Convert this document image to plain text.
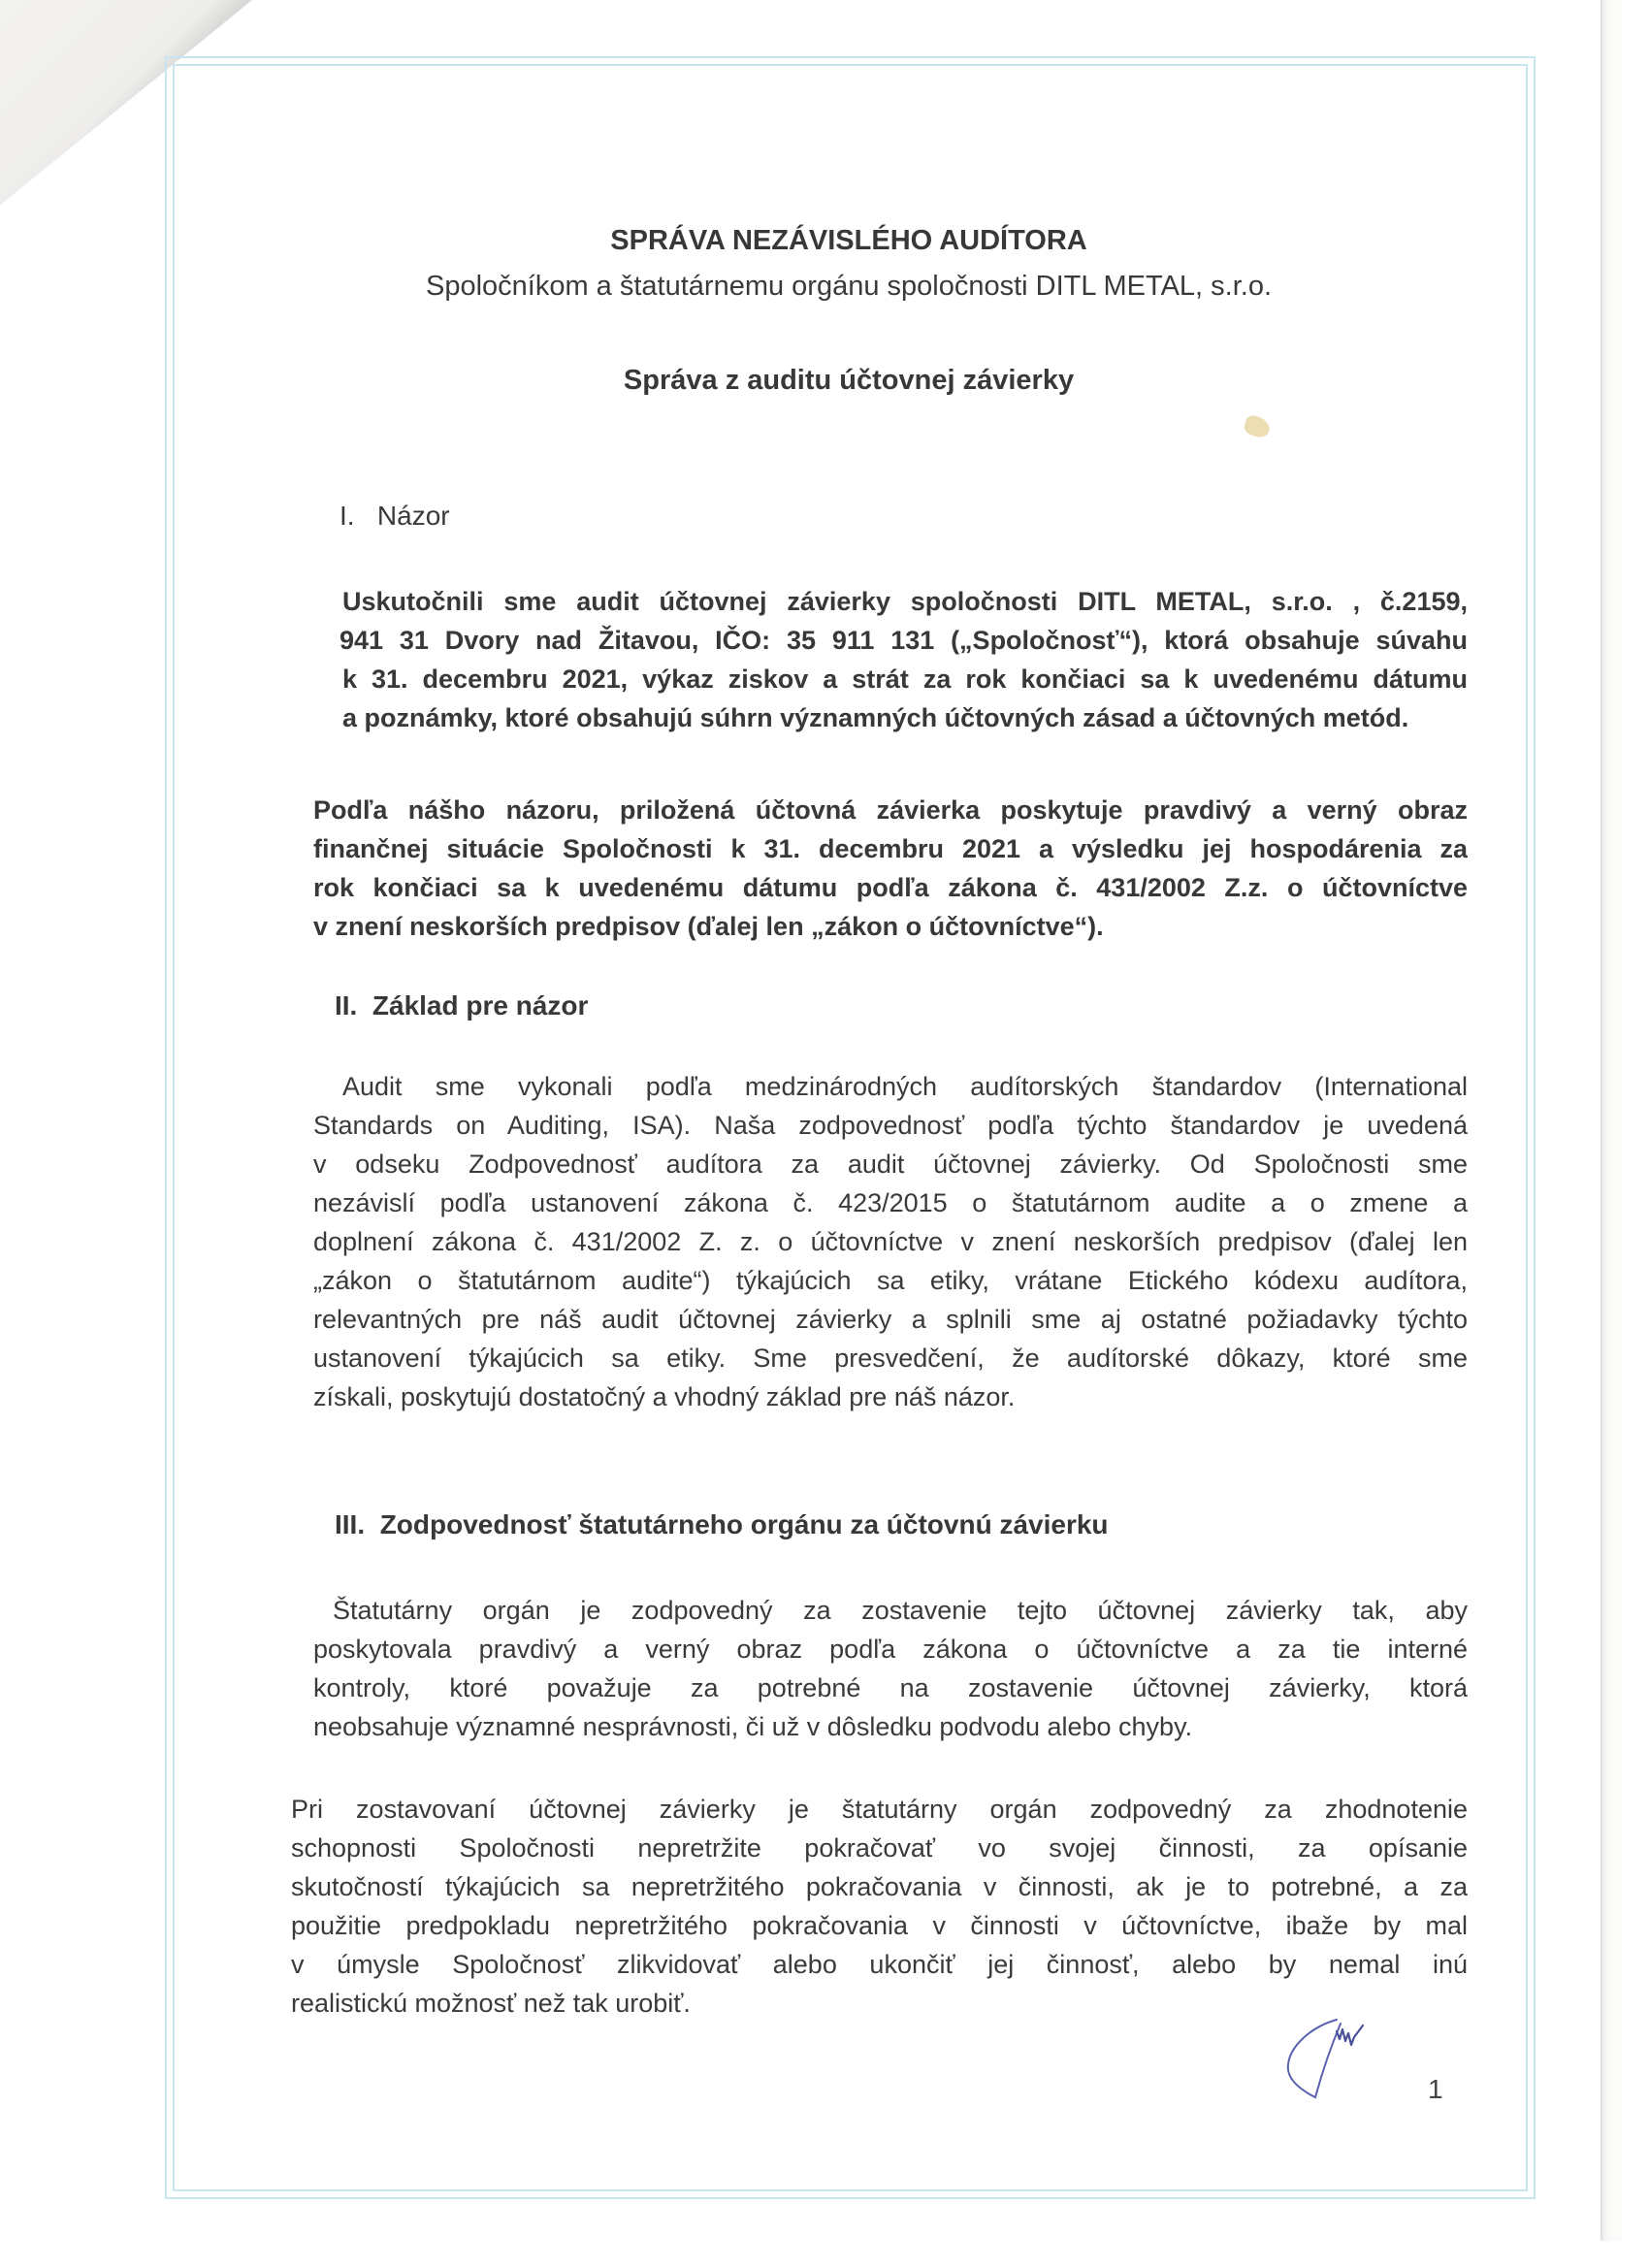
SPRÁVA NEZÁVISLÉHO AUDÍTORA
Spoločníkom a štatutárnemu orgánu spoločnosti DITL METAL, s.r.o.
Správa z auditu účtovnej závierky
I. Názor
Uskutočnili sme audit účtovnej závierky spoločnosti DITL METAL, s.r.o. , č.2159,
941 31 Dvory nad Žitavou, IČO: 35 911 131 („Spoločnosť“), ktorá obsahuje súvahu
k 31. decembru 2021, výkaz ziskov a strát za rok končiaci sa k uvedenému dátumu
a poznámky, ktoré obsahujú súhrn významných účtovných zásad a účtovných metód.
Podľa nášho názoru, priložená účtovná závierka poskytuje pravdivý a verný obraz
finančnej situácie Spoločnosti k 31. decembru 2021 a výsledku jej hospodárenia za
rok končiaci sa k uvedenému dátumu podľa zákona č. 431/2002 Z.z. o účtovníctve
v znení neskorších predpisov (ďalej len „zákon o účtovníctve“).
II. Základ pre názor
Audit sme vykonali podľa medzinárodných audítorských štandardov (International
Standards on Auditing, ISA). Naša zodpovednosť podľa týchto štandardov je uvedená
v odseku Zodpovednosť audítora za audit účtovnej závierky. Od Spoločnosti sme
nezávislí podľa ustanovení zákona č. 423/2015 o štatutárnom audite a o zmene a
doplnení zákona č. 431/2002 Z. z. o účtovníctve v znení neskorších predpisov (ďalej len
„zákon o štatutárnom audite“) týkajúcich sa etiky, vrátane Etického kódexu audítora,
relevantných pre náš audit účtovnej závierky a splnili sme aj ostatné požiadavky týchto
ustanovení týkajúcich sa etiky. Sme presvedčení, že audítorské dôkazy, ktoré sme
získali, poskytujú dostatočný a vhodný základ pre náš názor.
III. Zodpovednosť štatutárneho orgánu za účtovnú závierku
Štatutárny orgán je zodpovedný za zostavenie tejto účtovnej závierky tak, aby
poskytovala pravdivý a verný obraz podľa zákona o účtovníctve a za tie interné
kontroly, ktoré považuje za potrebné na zostavenie účtovnej závierky, ktorá
neobsahuje významné nesprávnosti, či už v dôsledku podvodu alebo chyby.
Pri zostavovaní účtovnej závierky je štatutárny orgán zodpovedný za zhodnotenie
schopnosti Spoločnosti nepretržite pokračovať vo svojej činnosti, za opísanie
skutočností týkajúcich sa nepretržitého pokračovania v činnosti, ak je to potrebné, a za
použitie predpokladu nepretržitého pokračovania v činnosti v účtovníctve, ibaže by mal
v úmysle Spoločnosť zlikvidovať alebo ukončiť jej činnosť, alebo by nemal inú
realistickú možnosť než tak urobiť.
1
